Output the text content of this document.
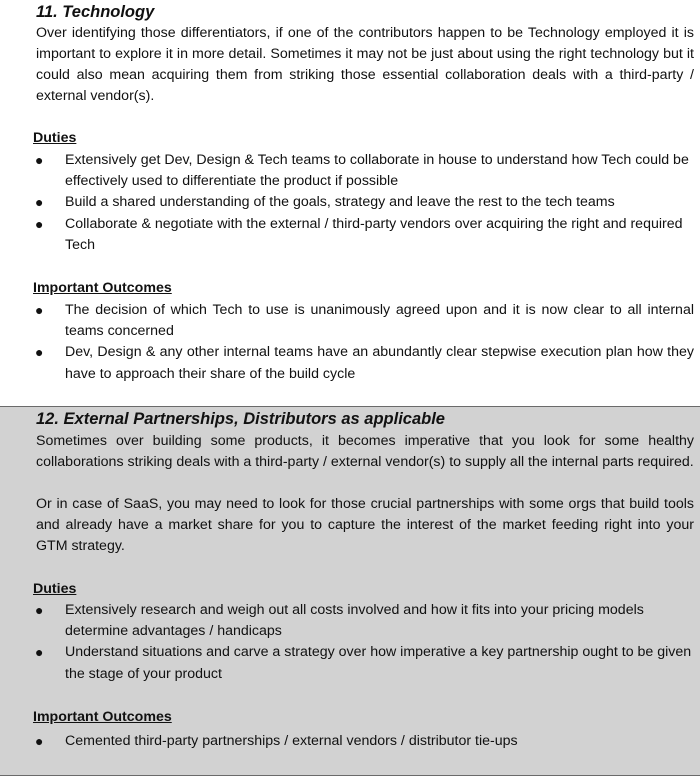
11. Technology

Over identifying those differentiators, if one of the contributors happen to be Technology employed it is important to explore it in more detail. Sometimes it may not be just about using the right technology but it could also mean acquiring them from striking those essential collaboration deals with a third-party / external vendor(s).

Duties
● Extensively get Dev, Design & Tech teams to collaborate in house to understand how Tech could be effectively used to differentiate the product if possible
● Build a shared understanding of the goals, strategy and leave the rest to the tech teams
● Collaborate & negotiate with the external / third-party vendors over acquiring the right and required Tech
Important Outcomes
● The decision of which Tech to use is unanimously agreed upon and it is now clear to all internal teams concerned
● Dev, Design & any other internal teams have an abundantly clear stepwise execution plan how they have to approach their share of the build cycle
12. External Partnerships, Distributors as applicable

Sometimes over building some products, it becomes imperative that you look for some healthy collaborations striking deals with a third-party / external vendor(s) to supply all the internal parts required.

Or in case of SaaS, you may need to look for those crucial partnerships with some orgs that build tools and already have a market share for you to capture the interest of the market feeding right into your GTM strategy.

Duties
● Extensively research and weigh out all costs involved and how it fits into your pricing models determine advantages / handicaps
● Understand situations and carve a strategy over how imperative a key partnership ought to be given the stage of your product
Important Outcomes
● Cemented third-party partnerships / external vendors / distributor tie-ups
